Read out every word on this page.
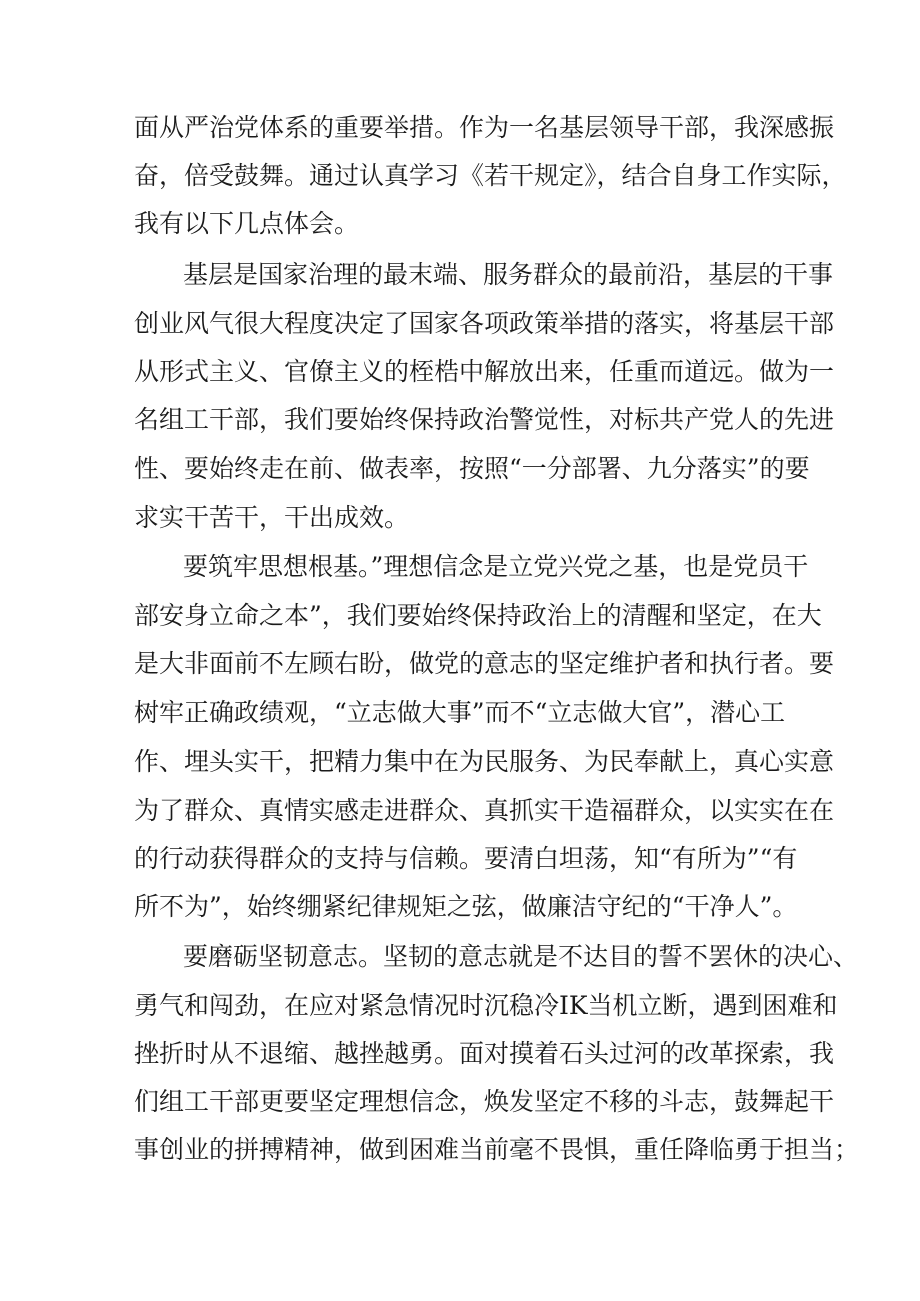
面从严治党体系的重要举措。作为一名基层领导干部，我深感振
奋，倍受鼓舞。通过认真学习《若干规定》，结合自身工作实际，
我有以下几点体会。
基层是国家治理的最末端、服务群众的最前沿，基层的干事
创业风气很大程度决定了国家各项政策举措的落实，将基层干部
从形式主义、官僚主义的桎梏中解放出来，任重而道远。做为一
名组工干部，我们要始终保持政治警觉性，对标共产党人的先进
性、要始终走在前、做表率，按照“一分部署、九分落实”的要
求实干苦干，干出成效。
要筑牢思想根基。”理想信念是立党兴党之基，也是党员干
部安身立命之本”，我们要始终保持政治上的清醒和坚定，在大
是大非面前不左顾右盼，做党的意志的坚定维护者和执行者。要
树牢正确政绩观，“立志做大事”而不“立志做大官”，潜心工
作、埋头实干，把精力集中在为民服务、为民奉献上，真心实意
为了群众、真情实感走进群众、真抓实干造福群众，以实实在在
的行动获得群众的支持与信赖。要清白坦荡，知“有所为”“有
所不为”，始终绷紧纪律规矩之弦，做廉洁守纪的“干净人”。
要磨砺坚韧意志。坚韧的意志就是不达目的誓不罢休的决心、
勇气和闯劲，在应对紧急情况时沉稳冷IK当机立断，遇到困难和
挫折时从不退缩、越挫越勇。面对摸着石头过河的改革探索，我
们组工干部更要坚定理想信念，焕发坚定不移的斗志，鼓舞起干
事创业的拼搏精神，做到困难当前毫不畏惧，重任降临勇于担当；
